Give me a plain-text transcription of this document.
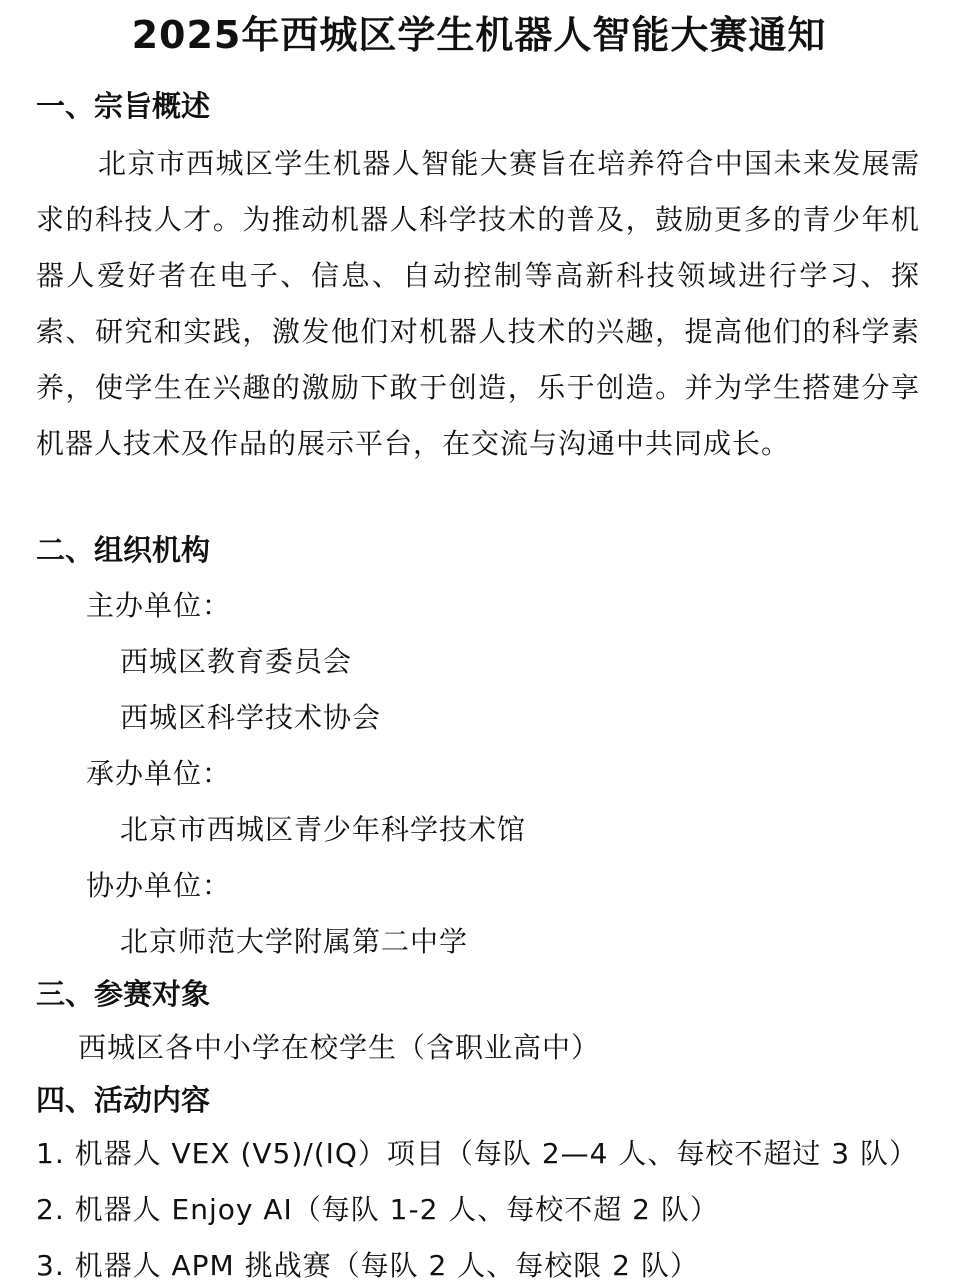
2025年西城区学生机器人智能大赛通知
一、宗旨概述

北京市西城区学生机器人智能大赛旨在培养符合中国未来发展需求的科技人才。为推动机器人科学技术的普及，鼓励更多的青少年机器人爱好者在电子、信息、自动控制等高新科技领域进行学习、探索、研究和实践，激发他们对机器人技术的兴趣，提高他们的科学素养，使学生在兴趣的激励下敢于创造，乐于创造。并为学生搭建分享机器人技术及作品的展示平台，在交流与沟通中共同成长。

二、组织机构
主办单位：
西城区教育委员会
西城区科学技术协会
承办单位：
北京市西城区青少年科学技术馆
协办单位：
北京师范大学附属第二中学
三、参赛对象
西城区各中小学在校学生（含职业高中）
四、活动内容
1. 机器人 VEX (V5)/(IQ）项目（每队 2—4 人、每校不超过 3 队）
2. 机器人 Enjoy AI（每队 1-2 人、每校不超 2 队）
3. 机器人 APM 挑战赛（每队 2 人、每校限 2 队）
